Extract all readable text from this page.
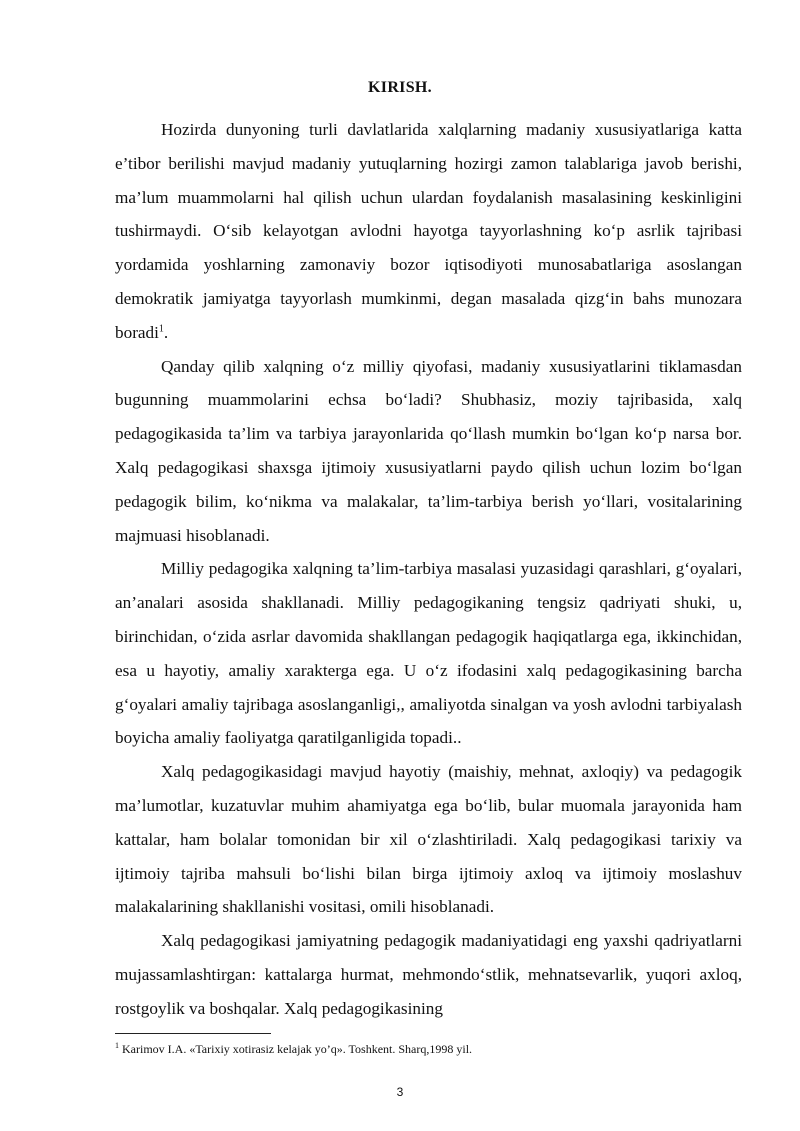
KIRISH.

Hozirda dunyoning turli davlatlarida xalqlarning madaniy xususiyatlariga katta e’tibor berilishi mavjud madaniy yutuqlarning hozirgi zamon talablariga javob berishi, ma’lum muammolarni hal qilish uchun ulardan foydalanish masalasining keskinligini tushirmaydi. O‘sib kelayotgan avlodni hayotga tayyorlashning ko‘p asrlik tajribasi yordamida yoshlarning zamonaviy bozor iqtisodiyoti munosabatlariga asoslangan demokratik jamiyatga tayyorlash mumkinmi, degan masalada qizg‘in bahs munozara boradi$^1$.

Qanday qilib xalqning o‘z milliy qiyofasi, madaniy xususiyatlarini tiklamasdan bugunning muammolarini echsa bo‘ladi? Shubhasiz, moziy tajribasida, xalq pedagogikasida ta’lim va tarbiya jarayonlarida qo‘llash mumkin bo‘lgan ko‘p narsa bor. Xalq pedagogikasi shaxsga ijtimoiy xususiyatlarni paydo qilish uchun lozim bo‘lgan pedagogik bilim, ko‘nikma va malakalar, ta’lim-tarbiya berish yo‘llari, vositalarining majmuasi hisoblanadi.

Milliy pedagogika xalqning ta’lim-tarbiya masalasi yuzasidagi qarashlari, g‘oyalari, an’analari asosida shakllanadi. Milliy pedagogikaning tengsiz qadriyati shuki, u, birinchidan, o‘zida asrlar davomida shakllangan pedagogik haqiqatlarga ega, ikkinchidan, esa u hayotiy, amaliy xarakterga ega. U o‘z ifodasini xalq pedagogikasining barcha g‘oyalari amaliy tajribaga asoslanganligi,, amaliyotda sinalgan va yosh avlodni tarbiyalash boyicha amaliy faoliyatga qaratilganligida topadi..

Xalq pedagogikasidagi mavjud hayotiy (maishiy, mehnat, axloqiy) va pedagogik ma’lumotlar, kuzatuvlar muhim ahamiyatga ega bo‘lib, bular muomala jarayonida ham kattalar, ham bolalar tomonidan bir xil o‘zlashtiriladi. Xalq pedagogikasi tarixiy va ijtimoiy tajriba mahsuli bo‘lishi bilan birga ijtimoiy axloq va ijtimoiy moslashuv malakalarining shakllanishi vositasi, omili hisoblanadi.

Xalq pedagogikasi jamiyatning pedagogik madaniyatidagi eng yaxshi qadriyatlarni mujassamlashtirgan: kattalarga hurmat, mehmondo‘stlik, mehnatsevarlik, yuqori axloq, rostgoylik va boshqalar. Xalq pedagogikasining

$^1$ Karimov I.A. «Tarixiy xotirasiz kelajak yo’q». Toshkent. Sharq,1998 yil.
3
